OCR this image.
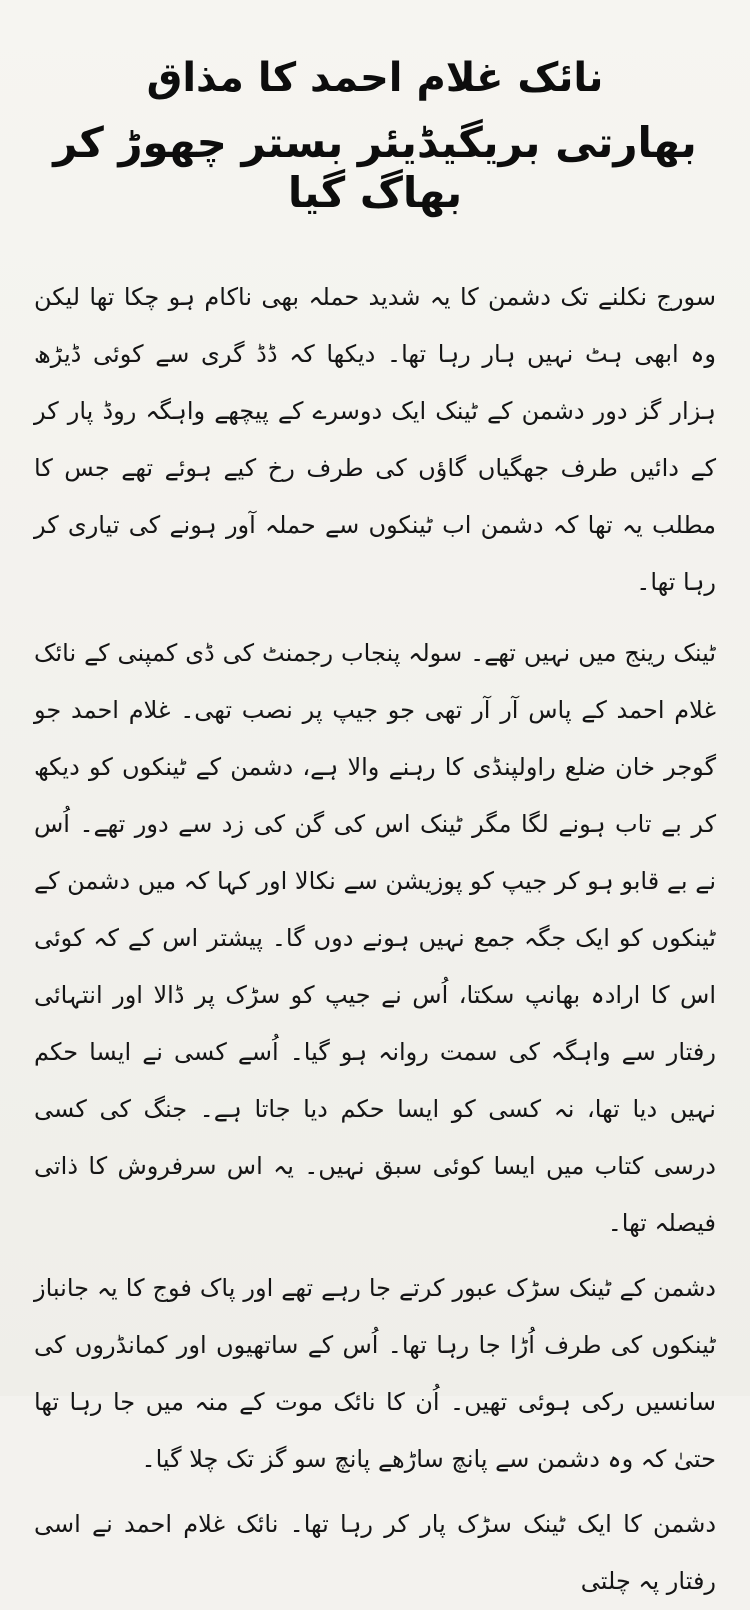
نائک غلام احمد کا مذاق
بھارتی بریگیڈیئر بستر چھوڑ کر بھاگ گیا

سورج نکلنے تک دشمن کا یہ شدید حملہ بھی ناکام ہو چکا تھا لیکن وہ ابھی ہٹ نہیں ہار رہا تھا۔ دیکھا کہ ڈڈ گری سے کوئی ڈیڑھ ہزار گز دور دشمن کے ٹینک ایک دوسرے کے پیچھے واہگہ روڈ پار کر کے دائیں طرف جھگیاں گاؤں کی طرف رخ کیے ہوئے تھے جس کا مطلب یہ تھا کہ دشمن اب ٹینکوں سے حملہ آور ہونے کی تیاری کر رہا تھا۔

ٹینک رینج میں نہیں تھے۔ سولہ پنجاب رجمنٹ کی ڈی کمپنی کے نائک غلام احمد کے پاس آر آر تھی جو جیپ پر نصب تھی۔ غلام احمد جو گوجر خان ضلع راولپنڈی کا رہنے والا ہے، دشمن کے ٹینکوں کو دیکھ کر بے تاب ہونے لگا مگر ٹینک اس کی گن کی زد سے دور تھے۔ اُس نے بے قابو ہو کر جیپ کو پوزیشن سے نکالا اور کہا کہ میں دشمن کے ٹینکوں کو ایک جگہ جمع نہیں ہونے دوں گا۔ پیشتر اس کے کہ کوئی اس کا ارادہ بھانپ سکتا، اُس نے جیپ کو سڑک پر ڈالا اور انتہائی رفتار سے واہگہ کی سمت روانہ ہو گیا۔ اُسے کسی نے ایسا حکم نہیں دیا تھا، نہ کسی کو ایسا حکم دیا جاتا ہے۔ جنگ کی کسی درسی کتاب میں ایسا کوئی سبق نہیں۔ یہ اس سرفروش کا ذاتی فیصلہ تھا۔

دشمن کے ٹینک سڑک عبور کرتے جا رہے تھے اور پاک فوج کا یہ جانباز ٹینکوں کی طرف اُڑا جا رہا تھا۔ اُس کے ساتھیوں اور کمانڈروں کی سانسیں رکی ہوئی تھیں۔ اُن کا نائک موت کے منہ میں جا رہا تھا حتیٰ کہ وہ دشمن سے پانچ ساڑھے پانچ سو گز تک چلا گیا۔

دشمن کا ایک ٹینک سڑک پار کر رہا تھا۔ نائک غلام احمد نے اسی رفتار پہ چلتی
